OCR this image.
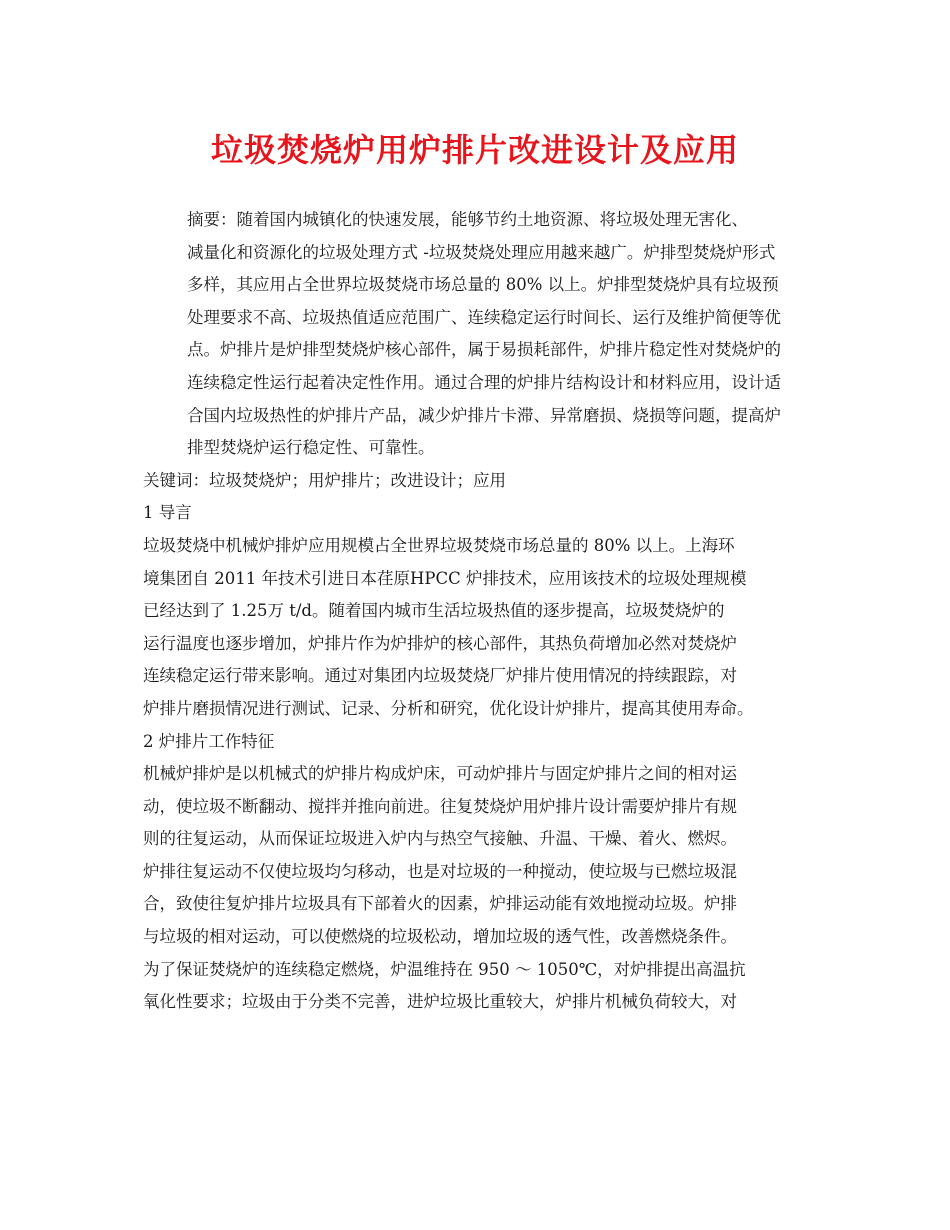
垃圾焚烧炉用炉排片改进设计及应用
摘要：随着国内城镇化的快速发展，能够节约土地资源、将垃圾处理无害化、
减量化和资源化的垃圾处理方式 -垃圾焚烧处理应用越来越广。炉排型焚烧炉形式
多样，其应用占全世界垃圾焚烧市场总量的 80% 以上。炉排型焚烧炉具有垃圾预
处理要求不高、垃圾热值适应范围广、连续稳定运行时间长、运行及维护简便等优
点。炉排片是炉排型焚烧炉核心部件，属于易损耗部件，炉排片稳定性对焚烧炉的
连续稳定性运行起着决定性作用。通过合理的炉排片结构设计和材料应用，设计适
合国内垃圾热性的炉排片产品，减少炉排片卡滞、异常磨损、烧损等问题，提高炉
排型焚烧炉运行稳定性、可靠性。
关键词：垃圾焚烧炉；用炉排片；改进设计；应用
1 导言
垃圾焚烧中机械炉排炉应用规模占全世界垃圾焚烧市场总量的 80% 以上。上海环
境集团自 2011 年技术引进日本荏原HPCC 炉排技术，应用该技术的垃圾处理规模
已经达到了 1.25万 t/d。随着国内城市生活垃圾热值的逐步提高，垃圾焚烧炉的
运行温度也逐步增加，炉排片作为炉排炉的核心部件，其热负荷增加必然对焚烧炉
连续稳定运行带来影响。通过对集团内垃圾焚烧厂炉排片使用情况的持续跟踪，对
炉排片磨损情况进行测试、记录、分析和研究，优化设计炉排片，提高其使用寿命。
2 炉排片工作特征
机械炉排炉是以机械式的炉排片构成炉床，可动炉排片与固定炉排片之间的相对运
动，使垃圾不断翻动、搅拌并推向前进。往复焚烧炉用炉排片设计需要炉排片有规
则的往复运动，从而保证垃圾进入炉内与热空气接触、升温、干燥、着火、燃烬。
炉排往复运动不仅使垃圾均匀移动，也是对垃圾的一种搅动，使垃圾与已燃垃圾混
合，致使往复炉排片垃圾具有下部着火的因素，炉排运动能有效地搅动垃圾。炉排
与垃圾的相对运动，可以使燃烧的垃圾松动，增加垃圾的透气性，改善燃烧条件。
为了保证焚烧炉的连续稳定燃烧，炉温维持在 950 ～ 1050℃，对炉排提出高温抗
氧化性要求；垃圾由于分类不完善，进炉垃圾比重较大，炉排片机械负荷较大，对
